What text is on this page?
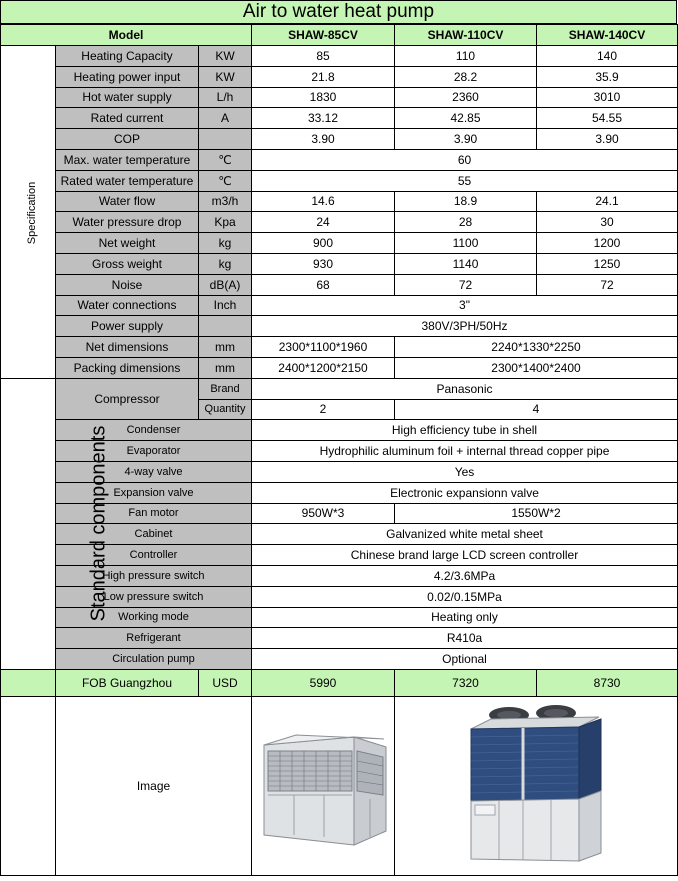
Air to water heat pump
Model			SHAW-85CV	SHAW-110CV	SHAW-140CV
Specification	Heating Capacity	KW	85	110	140
	Heating power input	KW	21.8	28.2	35.9
	Hot water supply	L/h	1830	2360	3010
	Rated current	A	33.12	42.85	54.55
	COP		3.90	3.90	3.90
	Max. water temperature	℃	60		
	Rated water temperature	℃	55		
	Water flow	m3/h	14.6	18.9	24.1
	Water pressure drop	Kpa	24	28	30
	Net weight	kg	900	1100	1200
	Gross weight	kg	930	1140	1250
	Noise	dB(A)	68	72	72
	Water connections	Inch	3"		
	Power supply		380V/3PH/50Hz		
	Net dimensions	mm	2300*1100*1960	2240*1330*2250	
	Packing dimensions	mm	2400*1200*2150	2300*1400*2400	
Standard components	Compressor	Brand	Panasonic		
		Quantity	2	4	
	Condenser		High efficiency tube in shell		
	Evaporator		Hydrophilic aluminum foil + internal thread copper pipe		
	4-way valve		Yes		
	Expansion valve		Electronic expansionn valve		
	Fan motor		950W*3	1550W*2	
	Cabinet		Galvanized white metal sheet		
	Controller		Chinese brand large LCD screen controller		
	High pressure switch		4.2/3.6MPa		
	Low pressure switch		0.02/0.15MPa		
	Working mode		Heating only		
	Refrigerant		R410a		
	Circulation pump		Optional		
	FOB Guangzhou	USD	5990	7320	8730
	Image	
